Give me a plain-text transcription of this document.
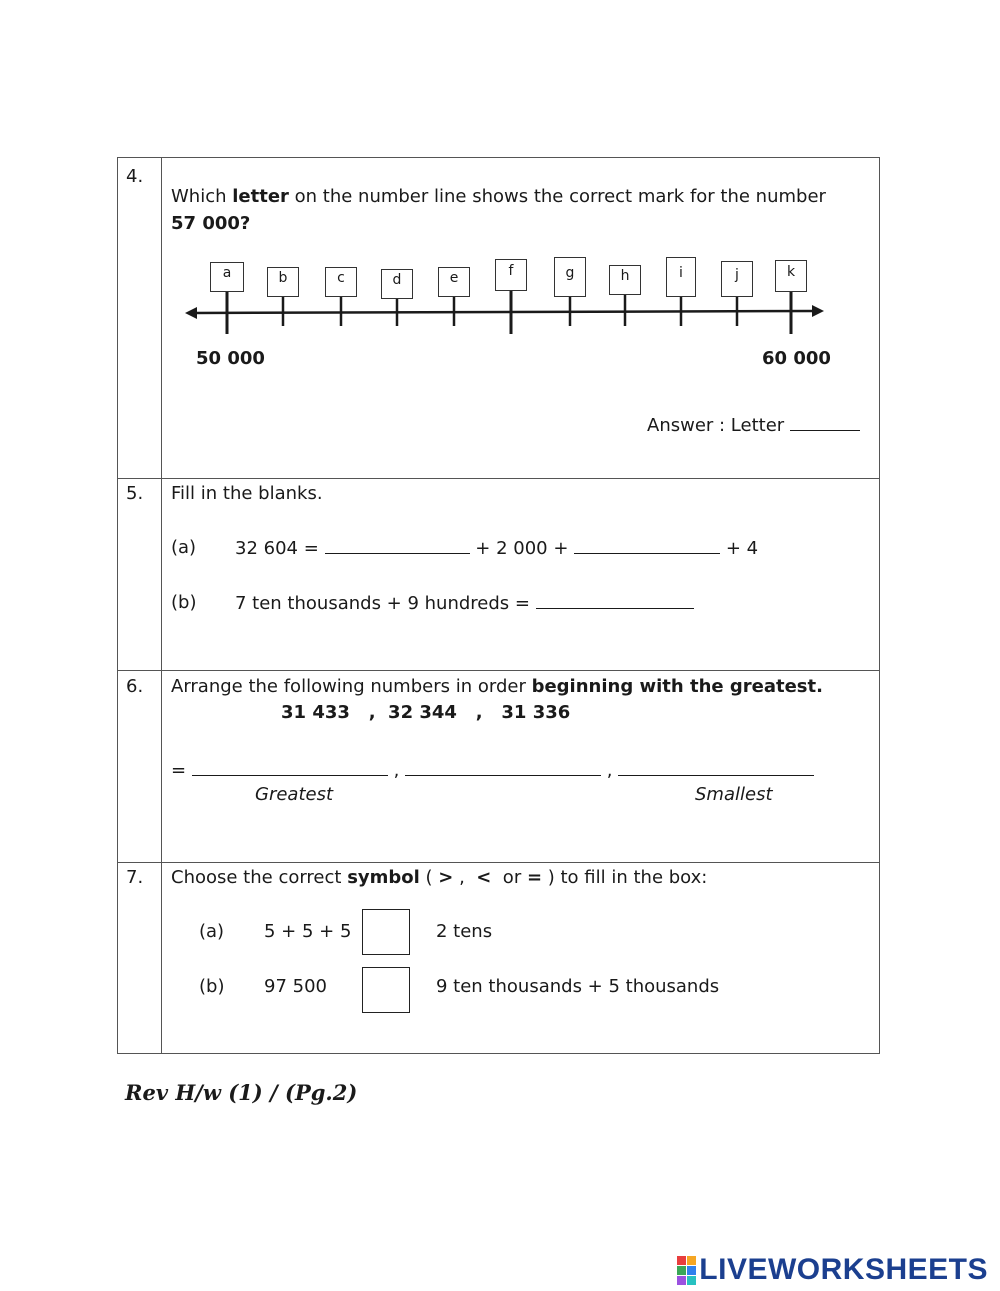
4.
Which letter on the number line shows the correct mark for the number
57 000?
a	b	c	d	e	f	g	h	i	j	k
50 000	60 000
Answer : Letter
5. Fill in the blanks.
(a) 32 604 =	+ 2 000 +	+ 4
(b) 7 ten thousands + 9 hundreds =
6. Arrange the following numbers in order beginning with the greatest.
31 433   ,  32 344   ,   31 336
=	,	,
Greatest	Smallest
7. Choose the correct symbol ( > ,  <  or = ) to fill in the box:
(a) 5 + 5 + 5	2 tens
(b) 97 500	9 ten thousands + 5 thousands
Rev H/w (1) / (Pg.2)
LIVEWORKSHEETS
